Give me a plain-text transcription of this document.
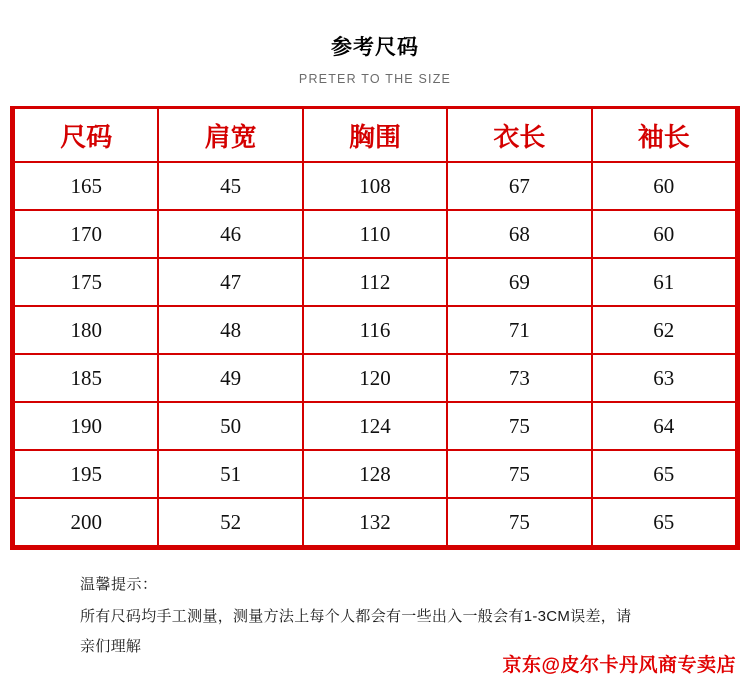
参考尺码
PRETER TO THE SIZE
尺码	肩宽	胸围	衣长	袖长
165	45	108	67	60
170	46	110	68	60
175	47	112	69	61
180	48	116	71	62
185	49	120	73	63
190	50	124	75	64
195	51	128	75	65
200	52	132	75	65
温馨提示：
所有尺码均手工测量，测量方法上每个人都会有一些出入一般会有1-3CM误差，请亲们理解
京东@皮尔卡丹风商专卖店
